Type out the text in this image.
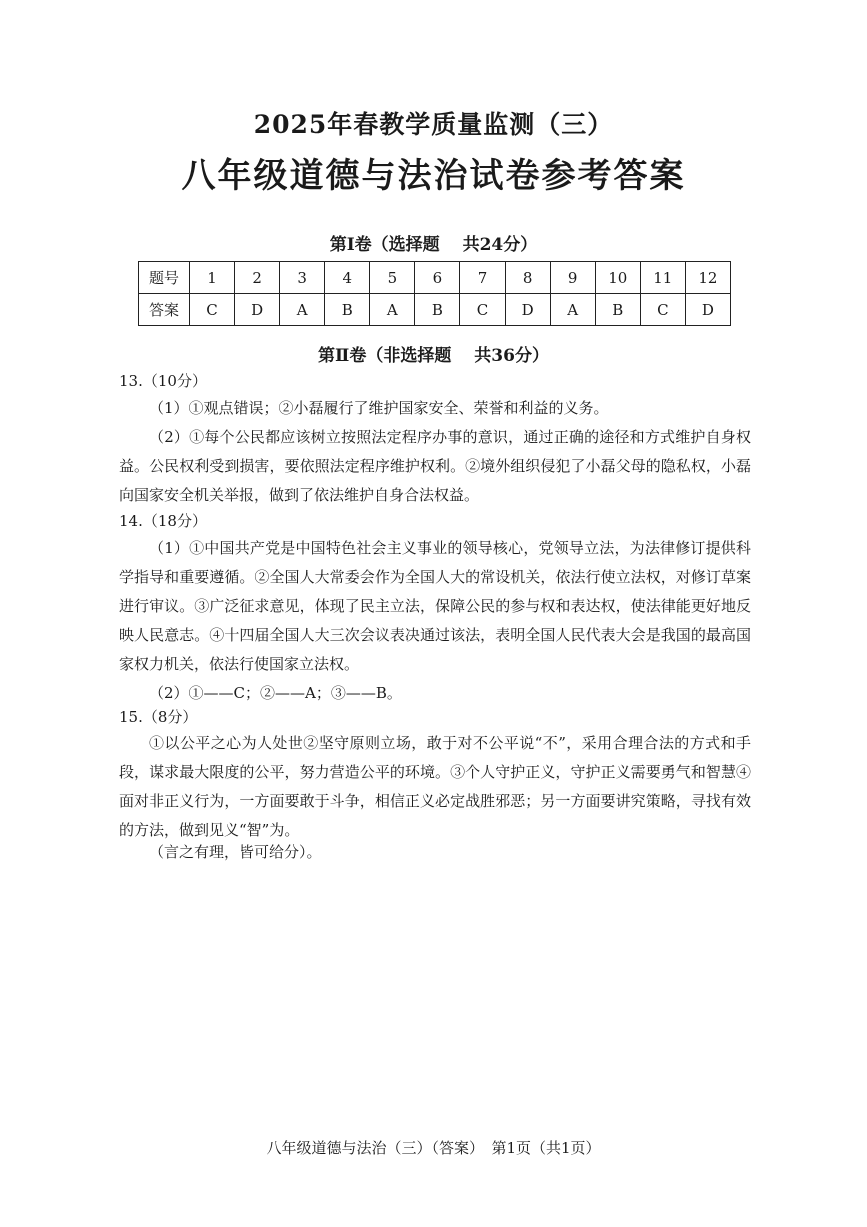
2025年春教学质量监测（三）
八年级道德与法治试卷参考答案
第Ⅰ卷（选择题　 共24分）
题号	1	2	3	4	5	6	7	8	9	10	11	12
答案	C	D	A	B	A	B	C	D	A	B	C	D
第Ⅱ卷（非选择题　 共36分）
13.（10分）
（1）①观点错误；②小磊履行了维护国家安全、荣誉和利益的义务。
（2）①每个公民都应该树立按照法定程序办事的意识，通过正确的途径和方式维护自身权益。公民权利受到损害，要依照法定程序维护权利。②境外组织侵犯了小磊父母的隐私权，小磊向国家安全机关举报，做到了依法维护自身合法权益。
14.（18分）
（1）①中国共产党是中国特色社会主义事业的领导核心，党领导立法，为法律修订提供科学指导和重要遵循。②全国人大常委会作为全国人大的常设机关，依法行使立法权，对修订草案进行审议。③广泛征求意见，体现了民主立法，保障公民的参与权和表达权，使法律能更好地反映人民意志。④十四届全国人大三次会议表决通过该法，表明全国人民代表大会是我国的最高国家权力机关，依法行使国家立法权。
（2）①——C；②——A；③——B。
15.（8分）
①以公平之心为人处世②坚守原则立场，敢于对不公平说“不”，采用合理合法的方式和手段，谋求最大限度的公平，努力营造公平的环境。③个人守护正义，守护正义需要勇气和智慧④面对非正义行为，一方面要敢于斗争，相信正义必定战胜邪恶；另一方面要讲究策略，寻找有效的方法，做到见义“智”为。
（言之有理，皆可给分）。
八年级道德与法治（三）（答案）　第1页（共1页）
